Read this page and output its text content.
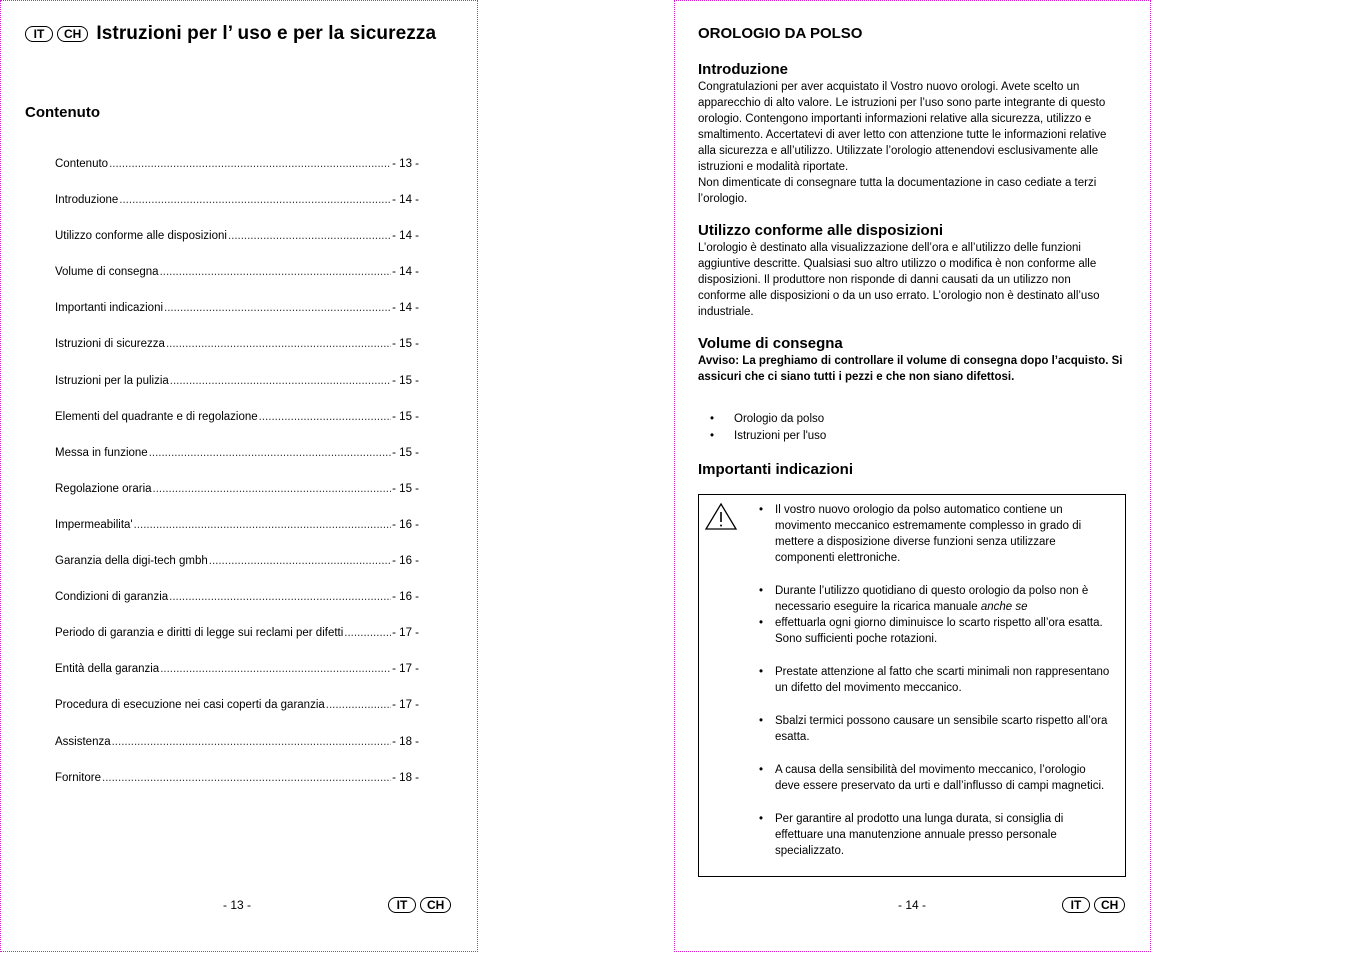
IT	CH Istruzioni per l’ uso e per la sicurezza
Contenuto
Contenuto .....	- 13 -
Introduzione .....	- 14 -
Utilizzo conforme alle disposizioni .....	- 14 -
Volume di consegna .....	- 14 -
Importanti indicazioni .....	- 14 -
Istruzioni di sicurezza .....	- 15 -
Istruzioni per la pulizia .....	- 15 -
Elementi del quadrante e di regolazione .....	- 15 -
Messa in funzione .....	- 15 -
Regolazione oraria .....	- 15 -
Impermeabilita' .....	- 16 -
Garanzia della digi-tech gmbh .....	- 16 -
Condizioni di garanzia .....	- 16 -
Periodo di garanzia e diritti di legge sui reclami per difetti .....	- 17 -
Entità della garanzia .....	- 17 -
Procedura di esecuzione nei casi coperti da garanzia .....	- 17 -
Assistenza .....	- 18 -
Fornitore .....	- 18 -
- 13 -	IT	CH
OROLOGIO DA POLSO
Introduzione
Congratulazioni per aver acquistato il Vostro nuovo orologi. Avete scelto un
apparecchio di alto valore. Le istruzioni per l’uso sono parte integrante di questo
orologio. Contengono importanti informazioni relative alla sicurezza, utilizzo e
smaltimento. Accertatevi di aver letto con attenzione tutte le informazioni relative
alla sicurezza e all’utilizzo. Utilizzate l’orologio attenendovi esclusivamente alle
istruzioni e modalità riportate.
Non dimenticate di consegnare tutta la documentazione in caso cediate a terzi
l’orologio.
Utilizzo conforme alle disposizioni
L’orologio è destinato alla visualizzazione dell’ora e all’utilizzo delle funzioni
aggiuntive descritte. Qualsiasi suo altro utilizzo o modifica è non conforme alle
disposizioni. Il produttore non risponde di danni causati da un utilizzo non
conforme alle disposizioni o da un uso errato. L’orologio non è destinato all’uso
industriale.
Volume di consegna
Avviso: La preghiamo di controllare il volume di consegna dopo l’acquisto. Si
assicuri che ci siano tutti i pezzi e che non siano difettosi.
• Orologio da polso
• Istruzioni per l'uso
Importanti indicazioni
• Il vostro nuovo orologio da polso automatico contiene un
movimento meccanico estremamente complesso in grado di
mettere a disposizione diverse funzioni senza utilizzare
componenti elettroniche.
• Durante l’utilizzo quotidiano di questo orologio da polso non è
necessario eseguire la ricarica manuale anche se
• effettuarla ogni giorno diminuisce lo scarto rispetto all’ora esatta.
Sono sufficienti poche rotazioni.
• Prestate attenzione al fatto che scarti minimali non rappresentano
un difetto del movimento meccanico.
• Sbalzi termici possono causare un sensibile scarto rispetto all’ora
esatta.
• A causa della sensibilità del movimento meccanico, l’orologio
deve essere preservato da urti e dall’influsso di campi magnetici.
• Per garantire al prodotto una lunga durata, si consiglia di
effettuare una manutenzione annuale presso personale
specializzato.
- 14 -	IT	CH
